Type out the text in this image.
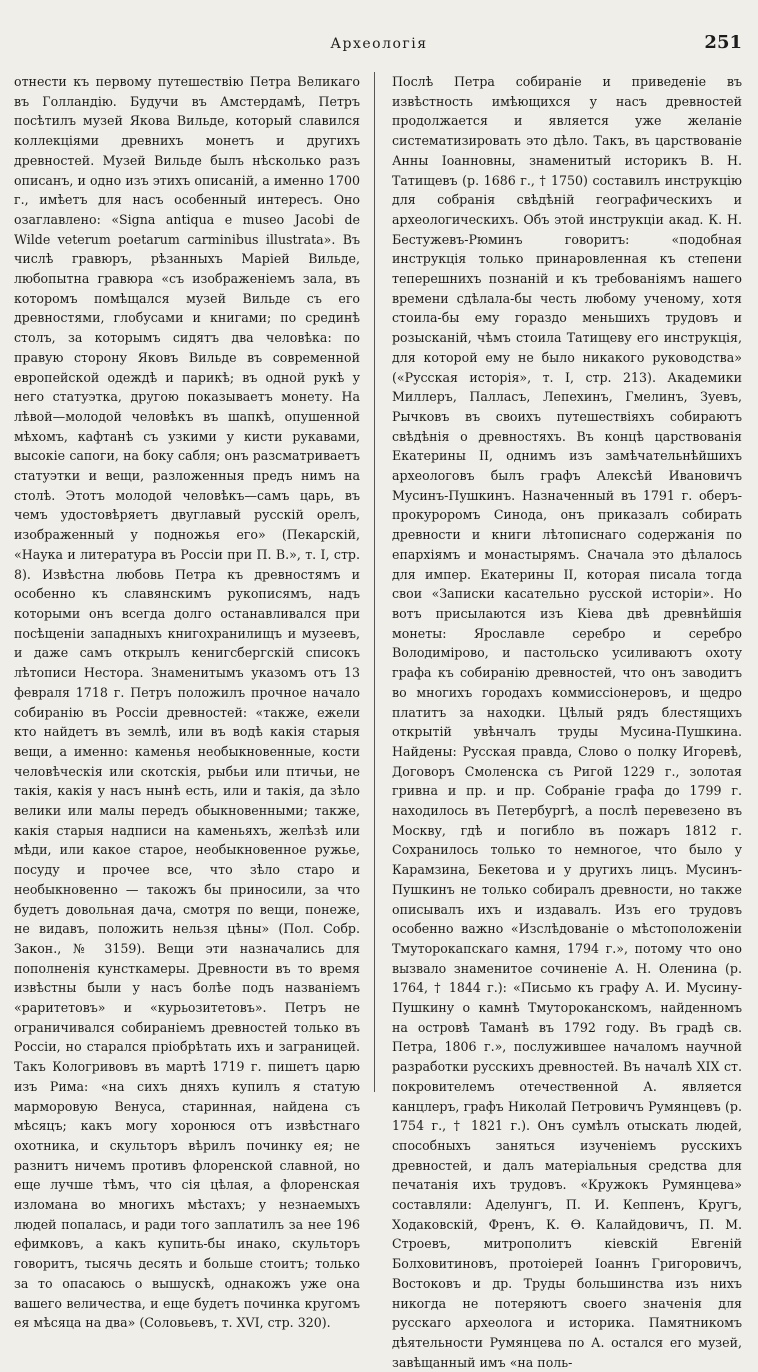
Археологія	251

отнести къ первому путешествію Петра Великаго въ Голландію. Будучи въ Амстердамѣ, Петръ посѣтилъ музей Якова Вильде, который славился коллекціями древнихъ монетъ и другихъ древностей. Музей Вильде былъ нѣсколько разъ описанъ, и одно изъ этихъ описаній, а именно 1700 г., имѣетъ для насъ особенный интересъ. Оно озаглавлено: «Signa antiqua e museo Jacobi de Wilde veterum poetarum carminibus illustrata». Въ числѣ гравюръ, рѣзанныхъ Маріей Вильде, любопытна гравюра «съ изображеніемъ зала, въ которомъ помѣщался музей Вильде съ его древностями, глобусами и книгами; по срединѣ столъ, за которымъ сидятъ два человѣка: по правую сторону Яковъ Вильде въ современной европейской одеждѣ и парикѣ; въ одной рукѣ у него статуэтка, другою показываетъ монету. На лѣвой—молодой человѣкъ въ шапкѣ, опушенной мѣхомъ, кафтанѣ съ узкими у кисти рукавами, высокіе сапоги, на боку сабля; онъ разсматриваетъ статуэтки и вещи, разложенныя предъ нимъ на столѣ. Этотъ молодой человѣкъ—самъ царь, въ чемъ удостовѣряетъ двуглавый русскій орелъ, изображенный у подножья его» (Пекарскій, «Наука и литература въ Россіи при П. В.», т. I, стр. 8). Извѣстна любовь Петра къ древностямъ и особенно къ славянскимъ рукописямъ, надъ которыми онъ всегда долго останавливался при посѣщеніи западныхъ книгохранилищъ и музеевъ, и даже самъ открылъ кенигсбергскій списокъ лѣтописи Нестора. Знаменитымъ указомъ отъ 13 февраля 1718 г. Петръ положилъ прочное начало собиранію въ Россіи древностей: «также, ежели кто найдетъ въ землѣ, или въ водѣ какія старыя вещи, а именно: каменья необыкновенные, кости человѣческія или скотскія, рыбьи или птичьи, не такія, какія у насъ нынѣ есть, или и такія, да зѣло велики или малы передъ обыкновенными; также, какія старыя надписи на каменьяхъ, желѣзѣ или мѣди, или какое старое, необыкновенное ружье, посуду и прочее все, что зѣло старо и необыкновенно — такожъ бы приносили, за что будетъ довольная дача, смотря по вещи, понеже, не видавъ, положить нельзя цѣны» (Пол. Собр. Закон., № 3159). Вещи эти назначались для пополненія кунсткамеры. Древности въ то время извѣстны были у насъ болѣе подъ названіемъ «раритетовъ» и «курьозитетовъ». Петръ не ограничивался собираніемъ древностей только въ Россіи, но старался пріобрѣтать ихъ и заграницей. Такъ Кологривовъ въ мартѣ 1719 г. пишетъ царю изъ Рима: «на сихъ дняхъ купилъ я статую марморовую Венуса, старинная, найдена съ мѣсяцъ; какъ могу хоронюся отъ извѣстнаго охотника, и скульторъ вѣрилъ починку ея; не разнитъ ничемъ противъ флоренской славной, но еще лучше тѣмъ, что сія цѣлая, а флоренская изломана во многихъ мѣстахъ; у незнаемыхъ людей попалась, и ради того заплатилъ за нее 196 ефимковъ, а какъ купить-бы инако, скульторъ говоритъ, тысячь десять и больше стоитъ; только за то опасаюсь о вышускѣ, однакожъ уже она вашего величества, и еще будетъ починка кругомъ ея мѣсяца на два» (Соловьевъ, т. XVI, стр. 320).

Послѣ Петра собираніе и приведеніе въ извѣстность имѣющихся у насъ древностей продолжается и является уже желаніе систематизировать это дѣло. Такъ, въ царствованіе Анны Іоанновны, знаменитый историкъ В. Н. Татищевъ (р. 1686 г., † 1750) составилъ инструкцію для собранія свѣдѣній географическихъ и археологическихъ. Объ этой инструкціи акад. К. Н. Бестужевъ-Рюминъ говоритъ: «подобная инструкція только принаровленная къ степени теперешнихъ познаній и къ требованіямъ нашего времени сдѣлала-бы честь любому ученому, хотя стоила-бы ему гораздо меньшихъ трудовъ и розысканій, чѣмъ стоила Татищеву его инструкція, для которой ему не было никакого руководства» («Русская исторія», т. I, стр. 213). Академики Миллеръ, Палласъ, Лепехинъ, Гмелинъ, Зуевъ, Рычковъ въ своихъ путешествіяхъ собираютъ свѣдѣнія о древностяхъ. Въ концѣ царствованія Екатерины II, однимъ изъ замѣчательнѣйшихъ археологовъ былъ графъ Алексѣй Ивановичъ Мусинъ-Пушкинъ. Назначенный въ 1791 г. оберъ-прокуроромъ Синода, онъ приказалъ собирать древности и книги лѣтописнаго содержанія по епархіямъ и монастырямъ. Сначала это дѣлалось для импер. Екатерины II, которая писала тогда свои «Записки касательно русской исторіи». Но вотъ присылаются изъ Кіева двѣ древнѣйшія монеты: Ярославле серебро и серебро Володимірово, и пастольско усиливаютъ охоту графа къ собиранію древностей, что онъ заводитъ во многихъ городахъ коммиссіонеровъ, и щедро платитъ за находки. Цѣлый рядъ блестящихъ открытій увѣнчалъ труды Мусина-Пушкина. Найдены: Русская правда, Слово о полку Игоревѣ, Договоръ Смоленска съ Ригой 1229 г., золотая гривна и пр. и пр. Собраніе графа до 1799 г. находилось въ Петербургѣ, а послѣ перевезено въ Москву, гдѣ и погибло въ пожаръ 1812 г. Сохранилось только то немногое, что было у Карамзина, Бекетова и у другихъ лицъ. Мусинъ-Пушкинъ не только собиралъ древности, но также описывалъ ихъ и издавалъ. Изъ его трудовъ особенно важно «Изслѣдованіе о мѣстоположеніи Тмуторокапскаго камня, 1794 г.», потому что оно вызвало знаменитое сочиненіе А. Н. Оленина (р. 1764, † 1844 г.): «Письмо къ графу А. И. Мусину-Пушкину о камнѣ Тмутороканскомъ, найденномъ на островѣ Таманѣ въ 1792 году. Въ градѣ св. Петра, 1806 г.», послужившее началомъ научной разработки русскихъ древностей. Въ началѣ XIX ст. покровителемъ отечественной А. является канцлеръ, графъ Николай Петровичъ Румянцевъ (р. 1754 г., † 1821 г.). Онъ сумѣлъ отыскать людей, способныхъ заняться изученіемъ русскихъ древностей, и далъ матеріальныя средства для печатанія ихъ трудовъ. «Кружокъ Румянцева» составляли: Аделунгъ, П. И. Кеппенъ, Кругъ, Ходаковскій, Френъ, К. Ѳ. Калайдовичъ, П. М. Строевъ, митрополитъ кіевскій Евгеній Болховитиновъ, протоіерей Іоаннъ Григоровичъ, Востоковъ и др. Труды большинства изъ нихъ никогда не потеряютъ своего значенія для русскаго археолога и историка. Памятникомъ дѣятельности Румянцева по А. остался его музей, завѣщанный имъ «на поль-
